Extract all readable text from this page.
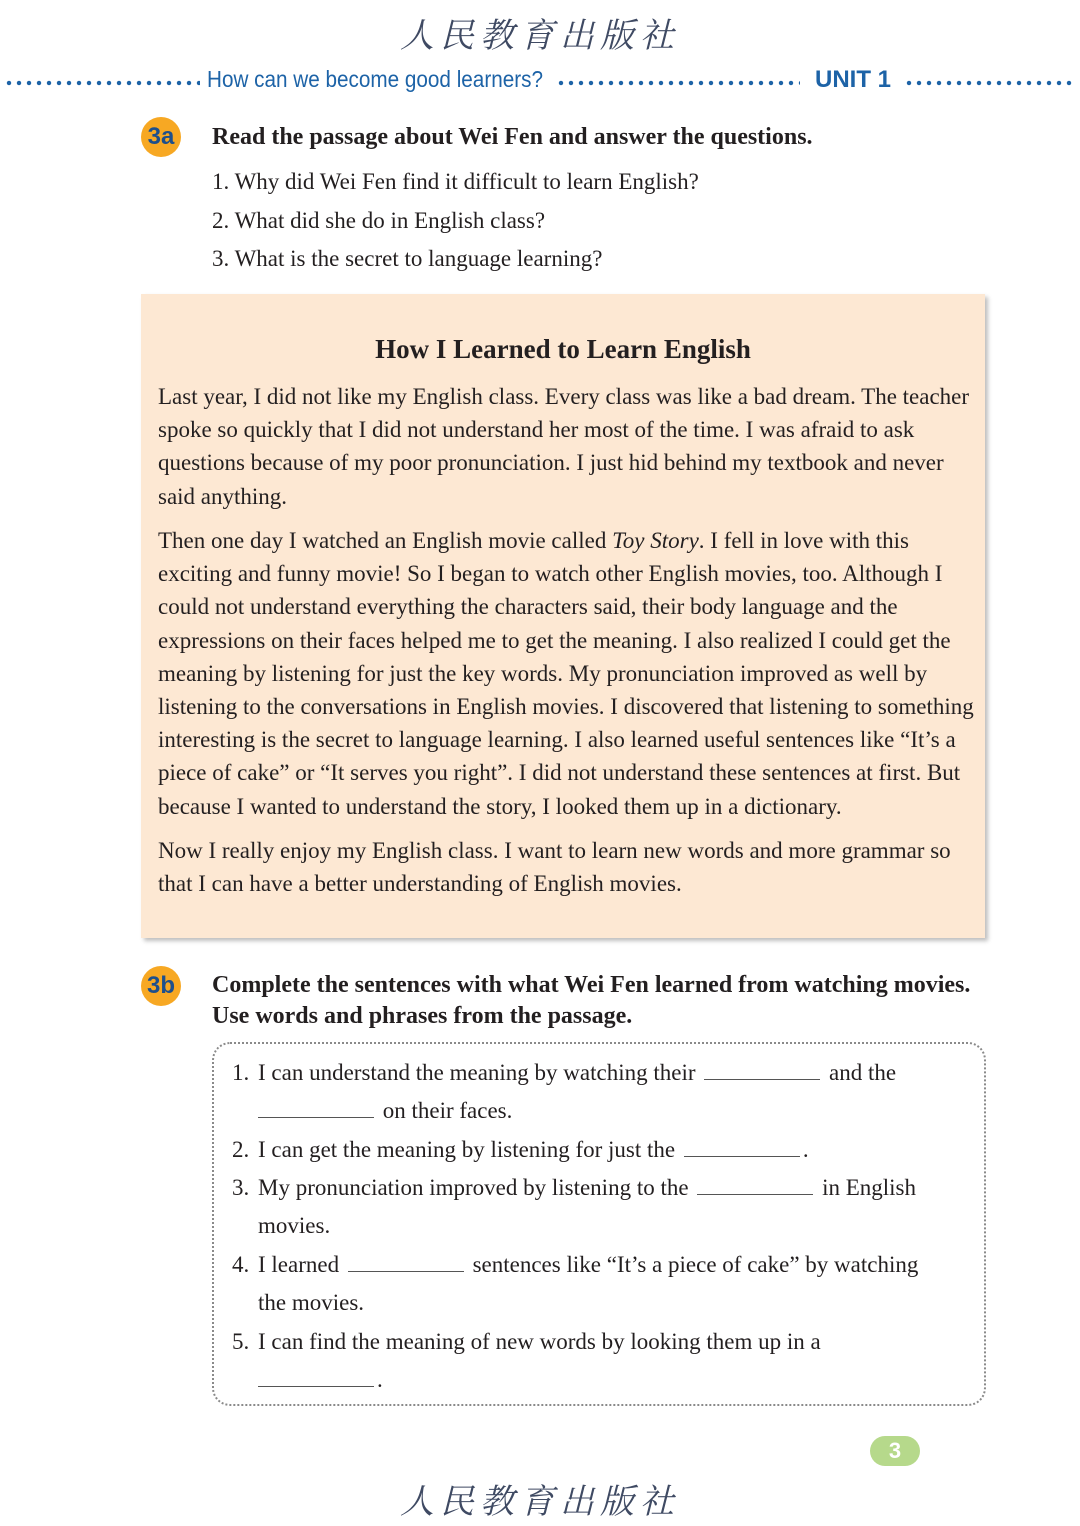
人民教育出版社
How can we become good learners?	UNIT 1
3a Read the passage about Wei Fen and answer the questions.
1. Why did Wei Fen find it difficult to learn English?
2. What did she do in English class?
3. What is the secret to language learning?
How I Learned to Learn English
Last year, I did not like my English class. Every class was like a bad dream. The teacher spoke so quickly that I did not understand her most of the time. I was afraid to ask questions because of my poor pronunciation. I just hid behind my textbook and never said anything.
Then one day I watched an English movie called Toy Story. I fell in love with this exciting and funny movie! So I began to watch other English movies, too. Although I could not understand everything the characters said, their body language and the expressions on their faces helped me to get the meaning. I also realized I could get the meaning by listening for just the key words. My pronunciation improved as well by listening to the conversations in English movies. I discovered that listening to something interesting is the secret to language learning. I also learned useful sentences like “It’s a piece of cake” or “It serves you right”. I did not understand these sentences at first. But because I wanted to understand the story, I looked them up in a dictionary.
Now I really enjoy my English class. I want to learn new words and more grammar so that I can have a better understanding of English movies.
3b Complete the sentences with what Wei Fen learned from watching movies. Use words and phrases from the passage.
1. I can understand the meaning by watching their	and the
on their faces.
2. I can get the meaning by listening for just the	.
3. My pronunciation improved by listening to the	in English
movies.
4. I learned	sentences like “It’s a piece of cake” by watching
the movies.
5. I can find the meaning of new words by looking them up in a
.
3
人民教育出版社
